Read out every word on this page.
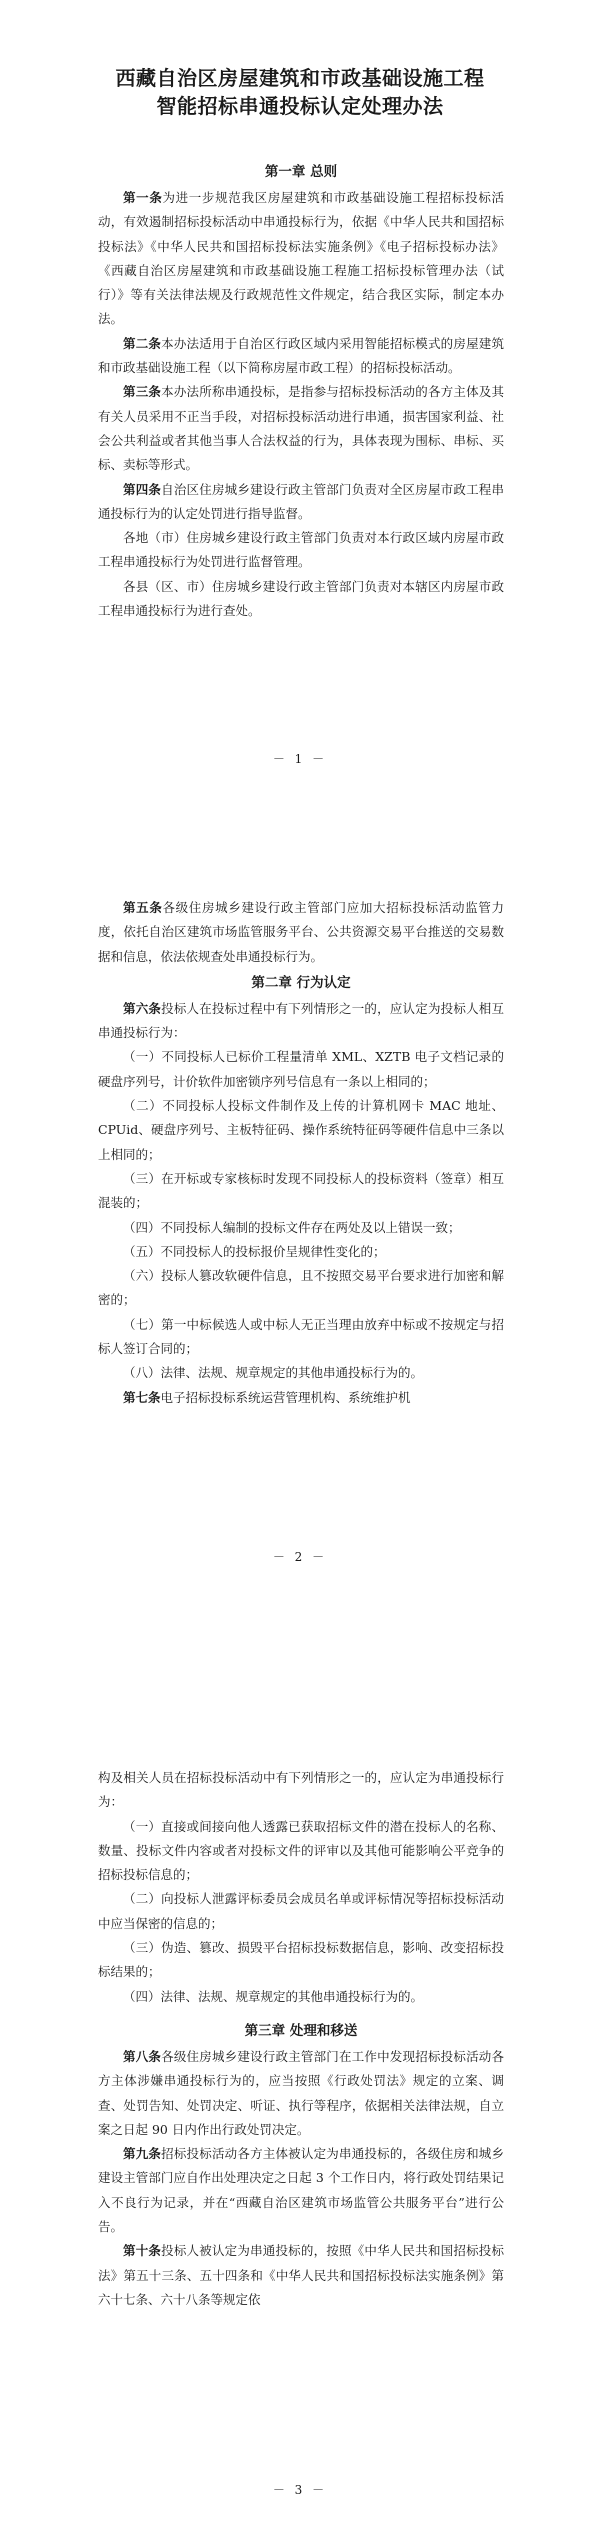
西藏自治区房屋建筑和市政基础设施工程
智能招标串通投标认定处理办法
第一章 总则

第一条为进一步规范我区房屋建筑和市政基础设施工程招标投标活动，有效遏制招标投标活动中串通投标行为，依据《中华人民共和国招标投标法》《中华人民共和国招标投标法实施条例》《电子招标投标办法》《西藏自治区房屋建筑和市政基础设施工程施工招标投标管理办法（试行）》等有关法律法规及行政规范性文件规定，结合我区实际，制定本办法。

第二条本办法适用于自治区行政区域内采用智能招标模式的房屋建筑和市政基础设施工程（以下简称房屋市政工程）的招标投标活动。

第三条本办法所称串通投标，是指参与招标投标活动的各方主体及其有关人员采用不正当手段，对招标投标活动进行串通，损害国家利益、社会公共利益或者其他当事人合法权益的行为，具体表现为围标、串标、买标、卖标等形式。

第四条自治区住房城乡建设行政主管部门负责对全区房屋市政工程串通投标行为的认定处罚进行指导监督。

各地（市）住房城乡建设行政主管部门负责对本行政区域内房屋市政工程串通投标行为处罚进行监督管理。

各县（区、市）住房城乡建设行政主管部门负责对本辖区内房屋市政工程串通投标行为进行查处。

－ 1 －

第五条各级住房城乡建设行政主管部门应加大招标投标活动监管力度，依托自治区建筑市场监管服务平台、公共资源交易平台推送的交易数据和信息，依法依规查处串通投标行为。

第二章 行为认定

第六条投标人在投标过程中有下列情形之一的，应认定为投标人相互串通投标行为：

（一）不同投标人已标价工程量清单 XML、XZTB 电子文档记录的硬盘序列号，计价软件加密锁序列号信息有一条以上相同的；

（二）不同投标人投标文件制作及上传的计算机网卡 MAC 地址、CPUid、硬盘序列号、主板特征码、操作系统特征码等硬件信息中三条以上相同的；

（三）在开标或专家核标时发现不同投标人的投标资料（签章）相互混装的；

（四）不同投标人编制的投标文件存在两处及以上错误一致；

（五）不同投标人的投标报价呈规律性变化的；

（六）投标人篡改软硬件信息，且不按照交易平台要求进行加密和解密的；

（七）第一中标候选人或中标人无正当理由放弃中标或不按规定与招标人签订合同的；

（八）法律、法规、规章规定的其他串通投标行为的。

第七条电子招标投标系统运营管理机构、系统维护机

－ 2 －

构及相关人员在招标投标活动中有下列情形之一的，应认定为串通投标行为：

（一）直接或间接向他人透露已获取招标文件的潜在投标人的名称、数量、投标文件内容或者对投标文件的评审以及其他可能影响公平竞争的招标投标信息的；

（二）向投标人泄露评标委员会成员名单或评标情况等招标投标活动中应当保密的信息的；

（三）伪造、篡改、损毁平台招标投标数据信息，影响、改变招标投标结果的；

（四）法律、法规、规章规定的其他串通投标行为的。

第三章 处理和移送

第八条各级住房城乡建设行政主管部门在工作中发现招标投标活动各方主体涉嫌串通投标行为的，应当按照《行政处罚法》规定的立案、调查、处罚告知、处罚决定、听证、执行等程序，依据相关法律法规，自立案之日起 90 日内作出行政处罚决定。

第九条招标投标活动各方主体被认定为串通投标的，各级住房和城乡建设主管部门应自作出处理决定之日起 3 个工作日内，将行政处罚结果记入不良行为记录，并在“西藏自治区建筑市场监管公共服务平台”进行公告。

第十条投标人被认定为串通投标的，按照《中华人民共和国招标投标法》第五十三条、五十四条和《中华人民共和国招标投标法实施条例》第六十七条、六十八条等规定依

－ 3 －
